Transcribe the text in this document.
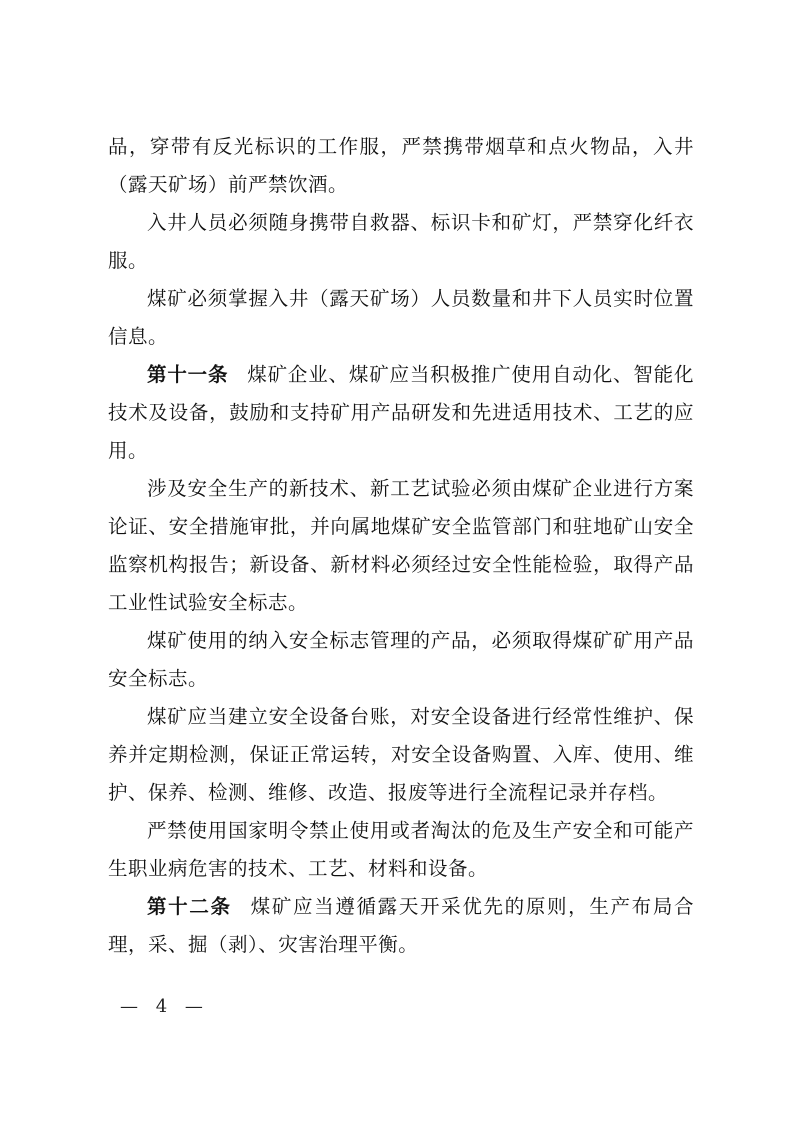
品，穿带有反光标识的工作服，严禁携带烟草和点火物品，入井（露天矿场）前严禁饮酒。

入井人员必须随身携带自救器、标识卡和矿灯，严禁穿化纤衣服。

煤矿必须掌握入井（露天矿场）人员数量和井下人员实时位置信息。

第十一条 煤矿企业、煤矿应当积极推广使用自动化、智能化技术及设备，鼓励和支持矿用产品研发和先进适用技术、工艺的应用。

涉及安全生产的新技术、新工艺试验必须由煤矿企业进行方案论证、安全措施审批，并向属地煤矿安全监管部门和驻地矿山安全监察机构报告；新设备、新材料必须经过安全性能检验，取得产品工业性试验安全标志。

煤矿使用的纳入安全标志管理的产品，必须取得煤矿矿用产品安全标志。

煤矿应当建立安全设备台账，对安全设备进行经常性维护、保养并定期检测，保证正常运转，对安全设备购置、入库、使用、维护、保养、检测、维修、改造、报废等进行全流程记录并存档。

严禁使用国家明令禁止使用或者淘汰的危及生产安全和可能产生职业病危害的技术、工艺、材料和设备。

第十二条 煤矿应当遵循露天开采优先的原则，生产布局合理，采、掘（剥）、灾害治理平衡。

— 4 —
